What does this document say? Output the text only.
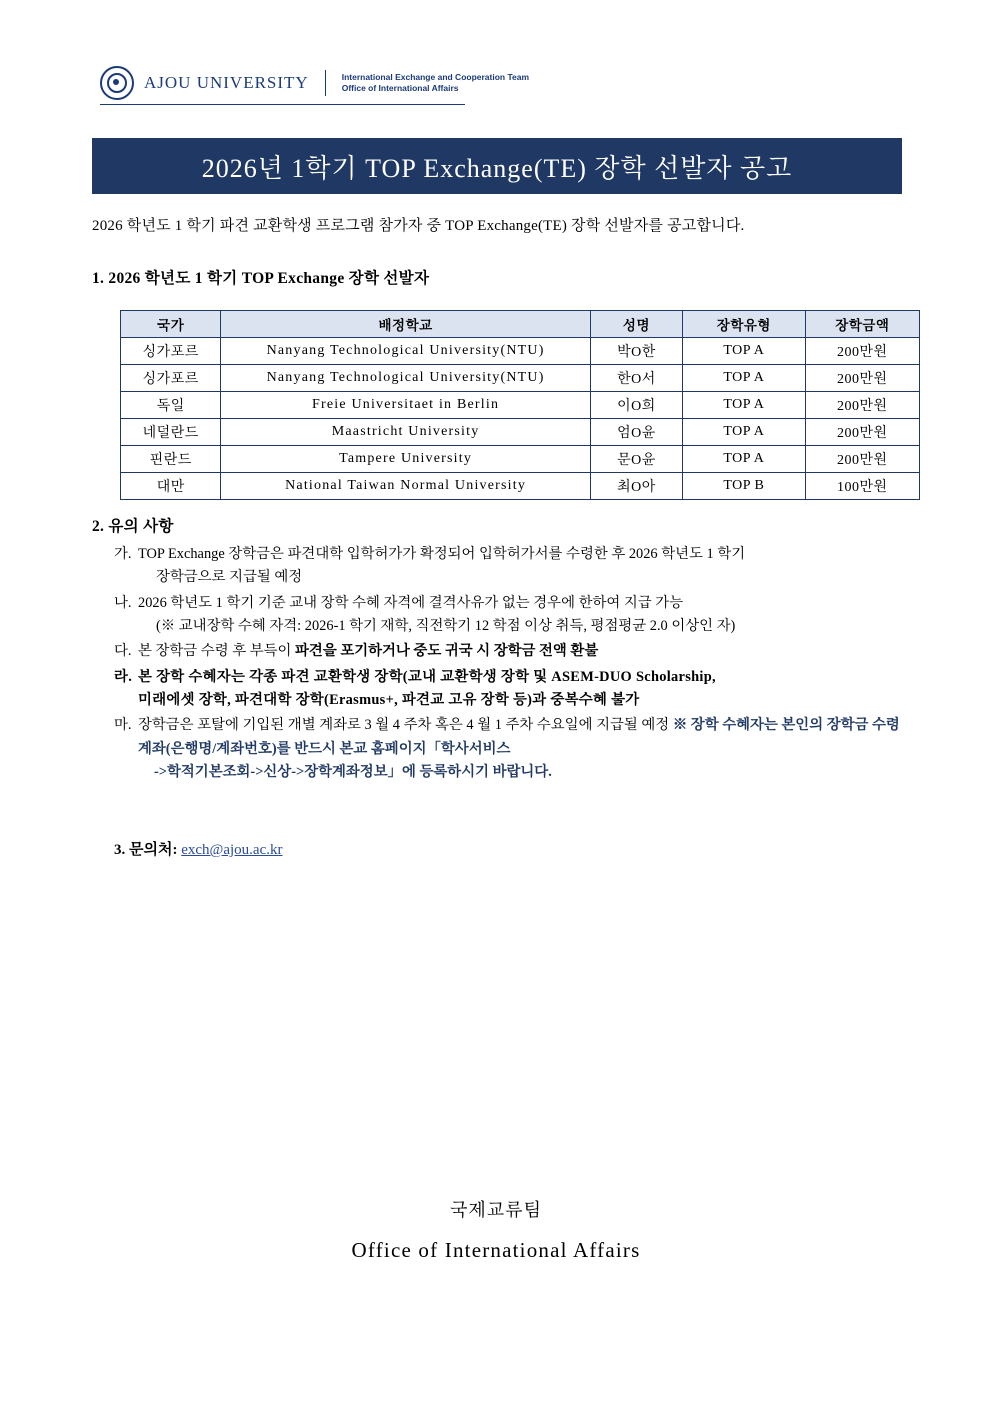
AJOU UNIVERSITY	International Exchange and Cooperation Team
Office of International Affairs
2026년 1학기 TOP Exchange(TE) 장학 선발자 공고
2026 학년도 1 학기 파견 교환학생 프로그램 참가자 중 TOP Exchange(TE) 장학 선발자를 공고합니다.
1. 2026 학년도 1 학기 TOP Exchange 장학 선발자
국가	배정학교	성명	장학유형	장학금액
싱가포르	Nanyang Technological University(NTU)	박O한	TOP A	200만원
싱가포르	Nanyang Technological University(NTU)	한O서	TOP A	200만원
독일	Freie Universitaet in Berlin	이O희	TOP A	200만원
네덜란드	Maastricht University	엄O윤	TOP A	200만원
핀란드	Tampere University	문O윤	TOP A	200만원
대만	National Taiwan Normal University	최O아	TOP B	100만원
2. 유의 사항
가. TOP Exchange 장학금은 파견대학 입학허가가 확정되어 입학허가서를 수령한 후 2026 학년도 1 학기
장학금으로 지급될 예정
나. 2026 학년도 1 학기 기준 교내 장학 수혜 자격에 결격사유가 없는 경우에 한하여 지급 가능
(※ 교내장학 수혜 자격: 2026-1 학기 재학, 직전학기 12 학점 이상 취득, 평점평균 2.0 이상인 자)
다. 본 장학금 수령 후 부득이 파견을 포기하거나 중도 귀국 시 장학금 전액 환불
라. 본 장학 수혜자는 각종 파견 교환학생 장학(교내 교환학생 장학 및 ASEM-DUO Scholarship,
미래에셋 장학, 파견대학 장학(Erasmus+, 파견교 고유 장학 등)과 중복수혜 불가
마. 장학금은 포탈에 기입된 개별 계좌로 3 월 4 주차 혹은 4 월 1 주차 수요일에 지급될 예정 ※ 장학 수혜자는 본인의 장학금 수령 계좌(은행명/계좌번호)를 반드시 본교 홈페이지「학사서비스
->학적기본조회->신상->장학계좌정보」에 등록하시기 바랍니다.
3. 문의처: exch@ajou.ac.kr
국제교류팀
Office of International Affairs
